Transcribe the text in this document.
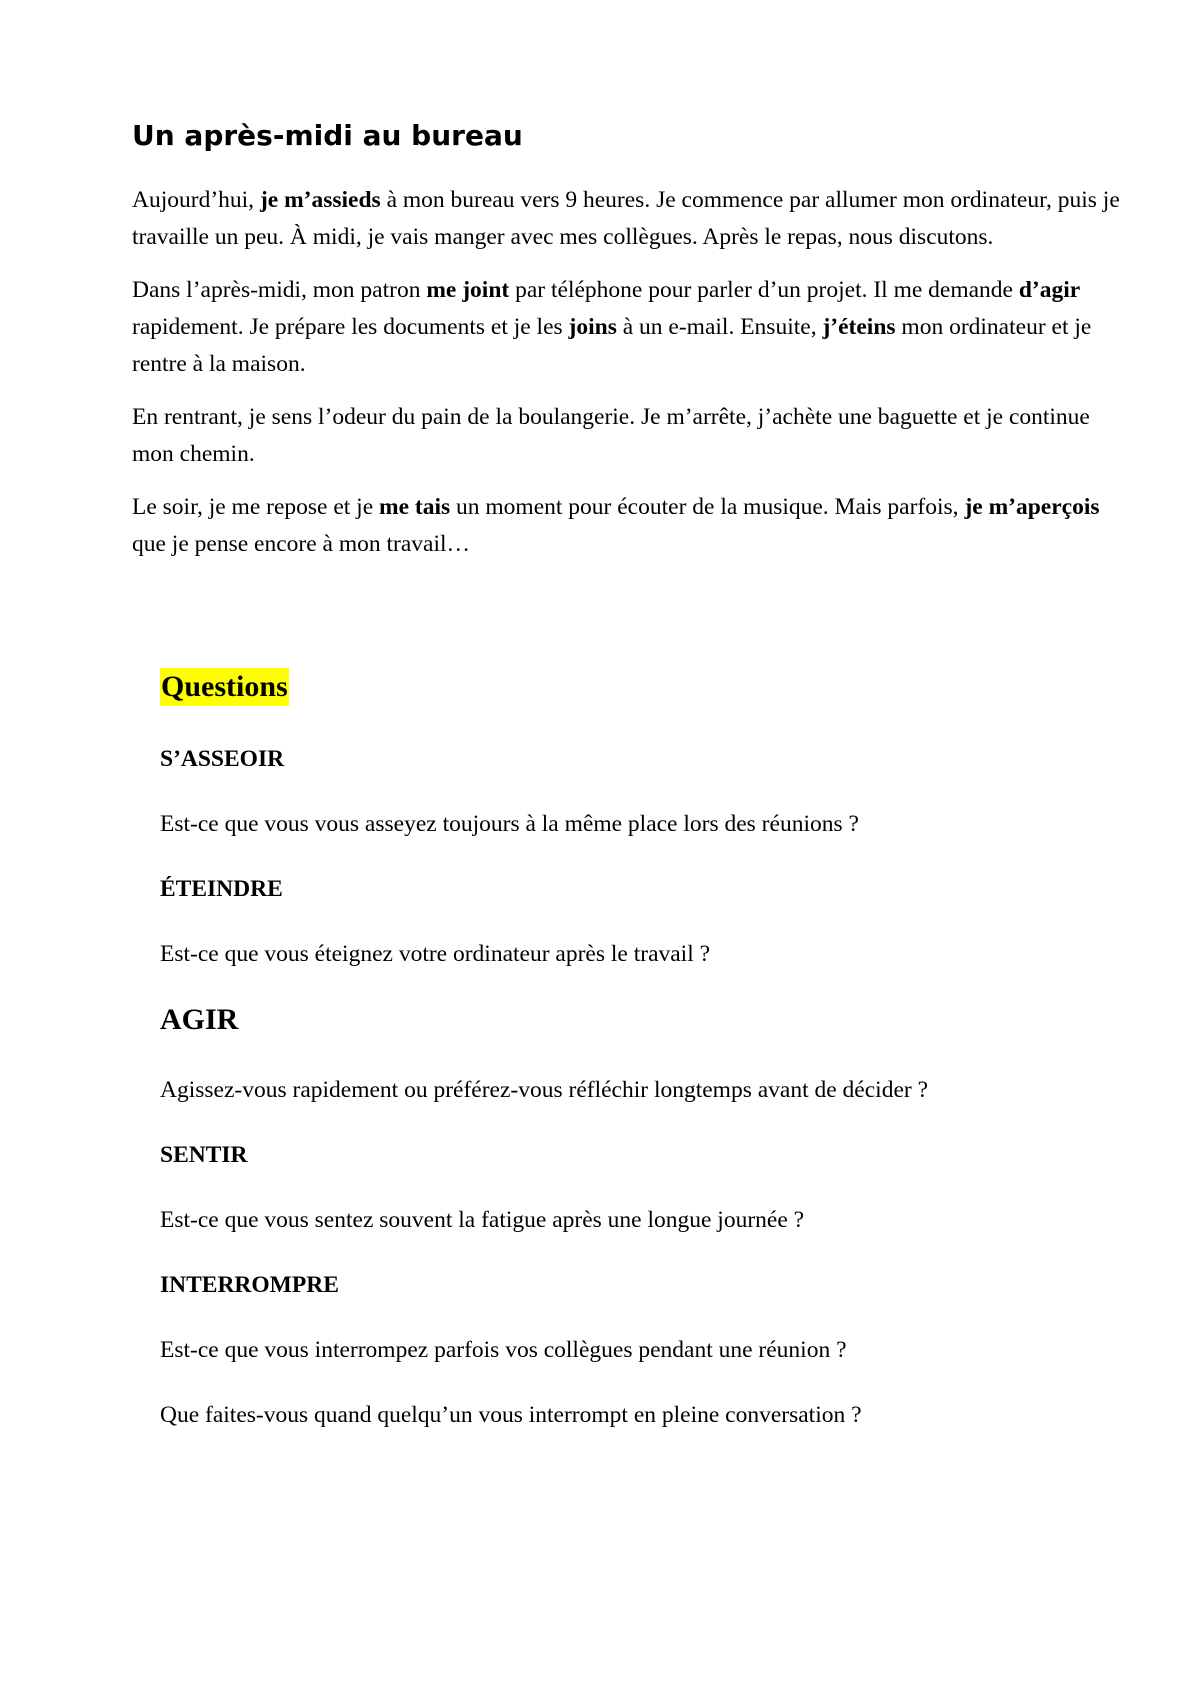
Un après-midi au bureau

Aujourd’hui, je m’assieds à mon bureau vers 9 heures. Je commence par allumer mon ordinateur, puis je travaille un peu. À midi, je vais manger avec mes collègues. Après le repas, nous discutons.

Dans l’après-midi, mon patron me joint par téléphone pour parler d’un projet. Il me demande d’agir rapidement. Je prépare les documents et je les joins à un e-mail. Ensuite, j’éteins mon ordinateur et je rentre à la maison.

En rentrant, je sens l’odeur du pain de la boulangerie. Je m’arrête, j’achète une baguette et je continue mon chemin.

Le soir, je me repose et je me tais un moment pour écouter de la musique. Mais parfois, je m’aperçois que je pense encore à mon travail…

Questions

S’ASSEOIR

Est-ce que vous vous asseyez toujours à la même place lors des réunions ?

ÉTEINDRE

Est-ce que vous éteignez votre ordinateur après le travail ?

AGIR

Agissez-vous rapidement ou préférez-vous réfléchir longtemps avant de décider ?

SENTIR

Est-ce que vous sentez souvent la fatigue après une longue journée ?

INTERROMPRE

Est-ce que vous interrompez parfois vos collègues pendant une réunion ?

Que faites-vous quand quelqu’un vous interrompt en pleine conversation ?
